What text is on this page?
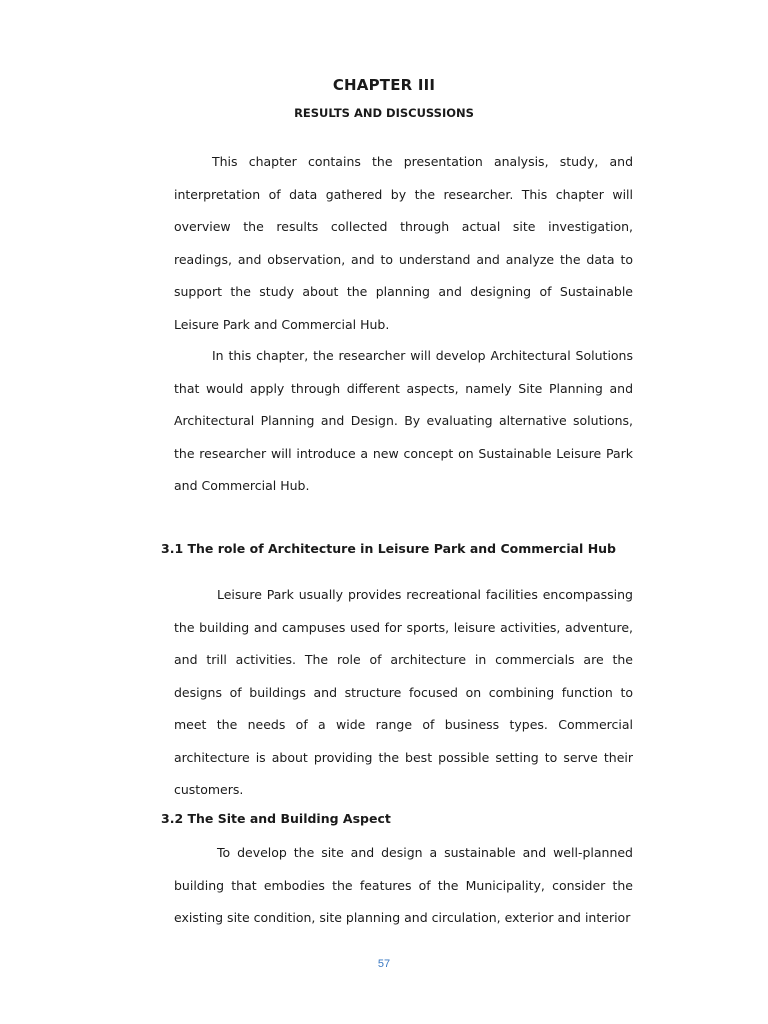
CHAPTER III
RESULTS AND DISCUSSIONS

This chapter contains the presentation analysis, study, and interpretation of data gathered by the researcher. This chapter will overview the results collected through actual site investigation, readings, and observation, and to understand and analyze the data to support the study about the planning and designing of Sustainable Leisure Park and Commercial Hub.

In this chapter, the researcher will develop Architectural Solutions that would apply through different aspects, namely Site Planning and Architectural Planning and Design. By evaluating alternative solutions, the researcher will introduce a new concept on Sustainable Leisure Park and Commercial Hub.

3.1 The role of Architecture in Leisure Park and Commercial Hub

Leisure Park usually provides recreational facilities encompassing the building and campuses used for sports, leisure activities, adventure, and trill activities. The role of architecture in commercials are the designs of buildings and structure focused on combining function to meet the needs of a wide range of business types. Commercial architecture is about providing the best possible setting to serve their customers.

3.2 The Site and Building Aspect

To develop the site and design a sustainable and well-planned building that embodies the features of the Municipality, consider the existing site condition, site planning and circulation, exterior and interior

57
